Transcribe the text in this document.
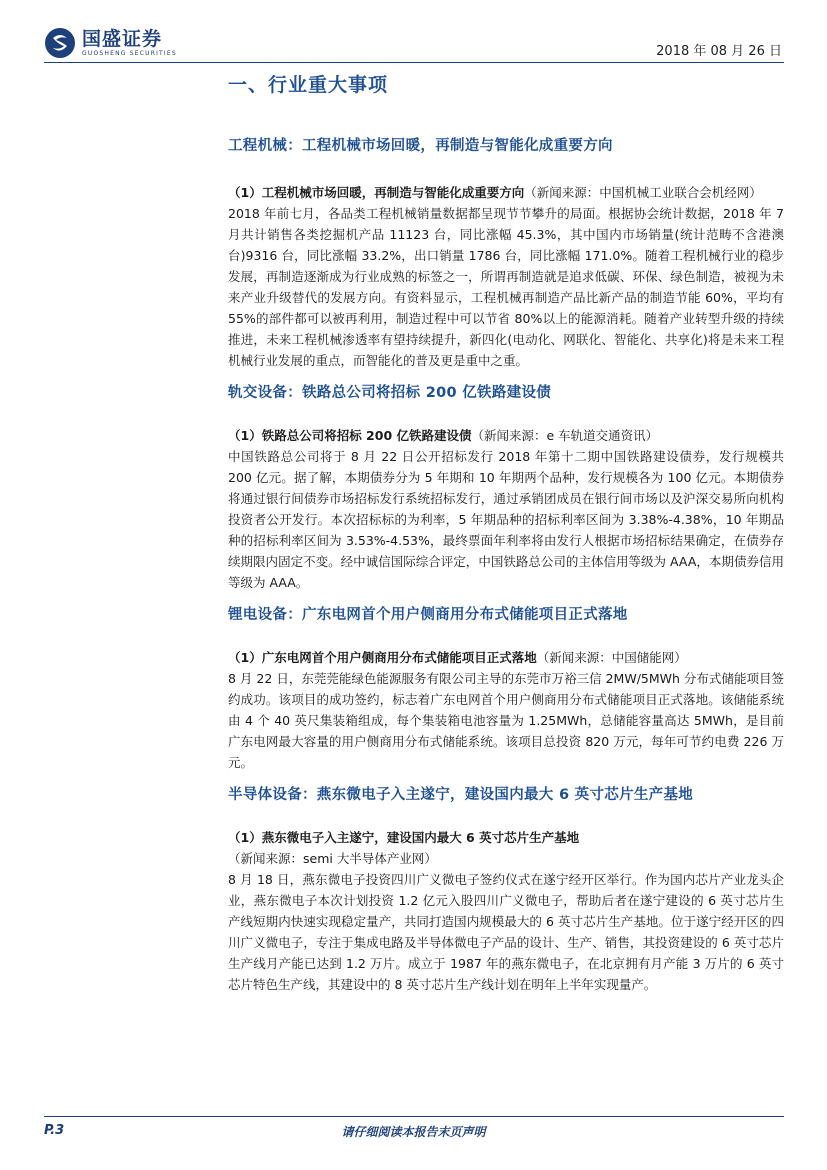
国盛证券
GUOSHENG SECURITIES	2018 年 08 月 26 日
一、行业重大事项
工程机械：工程机械市场回暖，再制造与智能化成重要方向
（1）工程机械市场回暖，再制造与智能化成重要方向（新闻来源：中国机械工业联合会机经网）
2018 年前七月，各品类工程机械销量数据都呈现节节攀升的局面。根据协会统计数据，2018 年 7 月共计销售各类挖掘机产品 11123 台，同比涨幅 45.3%，其中国内市场销量(统计范畴不含港澳台)9316 台，同比涨幅 33.2%，出口销量 1786 台，同比涨幅 171.0%。随着工程机械行业的稳步发展，再制造逐渐成为行业成熟的标签之一，所谓再制造就是追求低碳、环保、绿色制造，被视为未来产业升级替代的发展方向。有资料显示，工程机械再制造产品比新产品的制造节能 60%，平均有 55%的部件都可以被再利用，制造过程中可以节省 80%以上的能源消耗。随着产业转型升级的持续推进，未来工程机械渗透率有望持续提升，新四化(电动化、网联化、智能化、共享化)将是未来工程机械行业发展的重点，而智能化的普及更是重中之重。
轨交设备：铁路总公司将招标 200 亿铁路建设债
（1）铁路总公司将招标 200 亿铁路建设债（新闻来源：e 车轨道交通资讯）
中国铁路总公司将于 8 月 22 日公开招标发行 2018 年第十二期中国铁路建设债券，发行规模共 200 亿元。据了解，本期债券分为 5 年期和 10 年期两个品种，发行规模各为 100 亿元。本期债券将通过银行间债券市场招标发行系统招标发行，通过承销团成员在银行间市场以及沪深交易所向机构投资者公开发行。本次招标标的为利率，5 年期品种的招标利率区间为 3.38%-4.38%，10 年期品种的招标利率区间为 3.53%-4.53%，最终票面年利率将由发行人根据市场招标结果确定，在债券存续期限内固定不变。经中诚信国际综合评定，中国铁路总公司的主体信用等级为 AAA，本期债券信用等级为 AAA。
锂电设备：广东电网首个用户侧商用分布式储能项目正式落地
（1）广东电网首个用户侧商用分布式储能项目正式落地（新闻来源：中国储能网）
8 月 22 日，东莞莞能绿色能源服务有限公司主导的东莞市万裕三信 2MW/5MWh 分布式储能项目签约成功。该项目的成功签约，标志着广东电网首个用户侧商用分布式储能项目正式落地。该储能系统由 4 个 40 英尺集装箱组成，每个集装箱电池容量为 1.25MWh，总储能容量高达 5MWh，是目前广东电网最大容量的用户侧商用分布式储能系统。该项目总投资 820 万元，每年可节约电费 226 万元。
半导体设备：燕东微电子入主遂宁，建设国内最大 6 英寸芯片生产基地
（1）燕东微电子入主遂宁，建设国内最大 6 英寸芯片生产基地（新闻来源：semi 大半导体产业网）
8 月 18 日，燕东微电子投资四川广义微电子签约仪式在遂宁经开区举行。作为国内芯片产业龙头企业，燕东微电子本次计划投资 1.2 亿元入股四川广义微电子，帮助后者在遂宁建设的 6 英寸芯片生产线短期内快速实现稳定量产，共同打造国内规模最大的 6 英寸芯片生产基地。位于遂宁经开区的四川广义微电子，专注于集成电路及半导体微电子产品的设计、生产、销售，其投资建设的 6 英寸芯片生产线月产能已达到 1.2 万片。成立于 1987 年的燕东微电子，在北京拥有月产能 3 万片的 6 英寸芯片特色生产线，其建设中的 8 英寸芯片生产线计划在明年上半年实现量产。
请仔细阅读本报告末页声明
P.3
